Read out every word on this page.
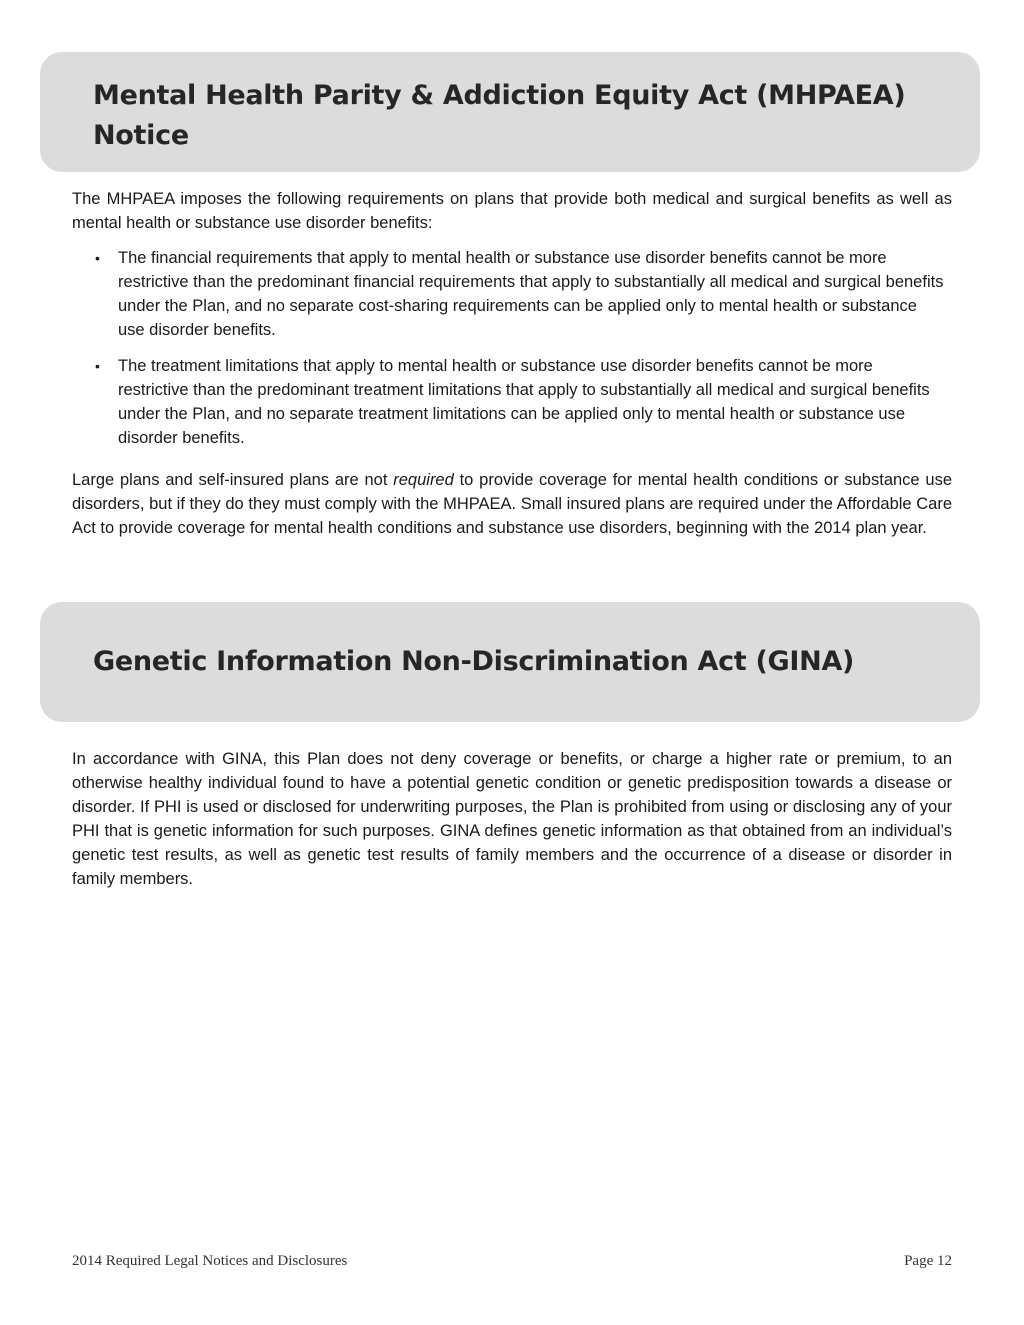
Mental Health Parity & Addiction Equity Act (MHPAEA)
Notice

The MHPAEA imposes the following requirements on plans that provide both medical and surgical benefits as well as mental health or substance use disorder benefits:

• The financial requirements that apply to mental health or substance use disorder benefits cannot be more restrictive than the predominant financial requirements that apply to substantially all medical and surgical benefits under the Plan, and no separate cost-sharing requirements can be applied only to mental health or substance use disorder benefits.
• The treatment limitations that apply to mental health or substance use disorder benefits cannot be more restrictive than the predominant treatment limitations that apply to substantially all medical and surgical benefits under the Plan, and no separate treatment limitations can be applied only to mental health or substance use disorder benefits.

Large plans and self-insured plans are not required to provide coverage for mental health conditions or substance use disorders, but if they do they must comply with the MHPAEA. Small insured plans are required under the Affordable Care Act to provide coverage for mental health conditions and substance use disorders, beginning with the 2014 plan year.

Genetic Information Non-Discrimination Act (GINA)

In accordance with GINA, this Plan does not deny coverage or benefits, or charge a higher rate or premium, to an otherwise healthy individual found to have a potential genetic condition or genetic predisposition towards a disease or disorder. If PHI is used or disclosed for underwriting purposes, the Plan is prohibited from using or disclosing any of your PHI that is genetic information for such purposes. GINA defines genetic information as that obtained from an individual’s genetic test results, as well as genetic test results of family members and the occurrence of a disease or disorder in family members.

2014 Required Legal Notices and Disclosures	Page 12
